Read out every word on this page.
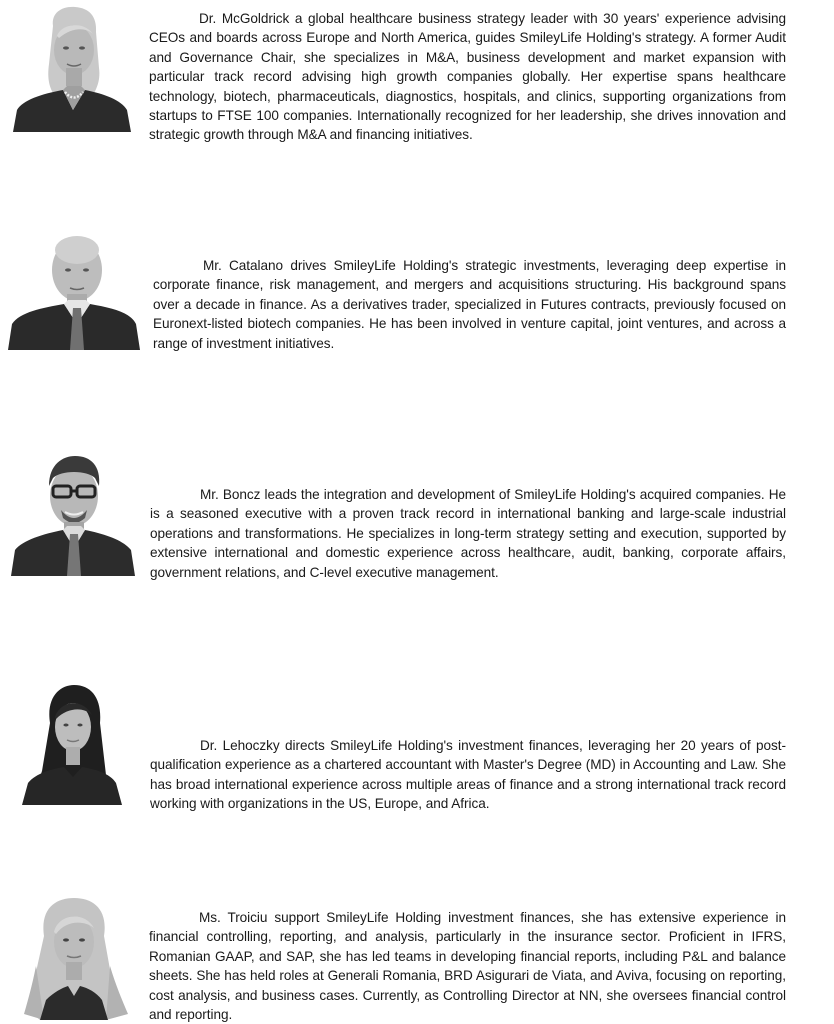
Dr. McGoldrick a global healthcare business strategy leader with 30 years' experience advising CEOs and boards across Europe and North America, guides SmileyLife Holding's strategy. A former Audit and Governance Chair, she specializes in M&A, business development and market expansion with particular track record advising high growth companies globally. Her expertise spans healthcare technology, biotech, pharmaceuticals, diagnostics, hospitals, and clinics, supporting organizations from startups to FTSE 100 companies. Internationally recognized for her leadership, she drives innovation and strategic growth through M&A and financing initiatives.

Mr. Catalano drives SmileyLife Holding's strategic investments, leveraging deep expertise in corporate finance, risk management, and mergers and acquisitions structuring. His background spans over a decade in finance. As a derivatives trader, specialized in Futures contracts, previously focused on Euronext-listed biotech companies. He has been involved in venture capital, joint ventures, and across a range of investment initiatives.

Mr. Boncz leads the integration and development of SmileyLife Holding's acquired companies. He is a seasoned executive with a proven track record in international banking and large-scale industrial operations and transformations. He specializes in long-term strategy setting and execution, supported by extensive international and domestic experience across healthcare, audit, banking, corporate affairs, government relations, and C-level executive management.

Dr. Lehoczky directs SmileyLife Holding's investment finances, leveraging her 20 years of post-qualification experience as a chartered accountant with Master's Degree (MD) in Accounting and Law. She has broad international experience across multiple areas of finance and a strong international track record working with organizations in the US, Europe, and Africa.

Ms. Troiciu support SmileyLife Holding investment finances, she has extensive experience in financial controlling, reporting, and analysis, particularly in the insurance sector. Proficient in IFRS, Romanian GAAP, and SAP, she has led teams in developing financial reports, including P&L and balance sheets. She has held roles at Generali Romania, BRD Asigurari de Viata, and Aviva, focusing on reporting, cost analysis, and business cases. Currently, as Controlling Director at NN, she oversees financial control and reporting.
